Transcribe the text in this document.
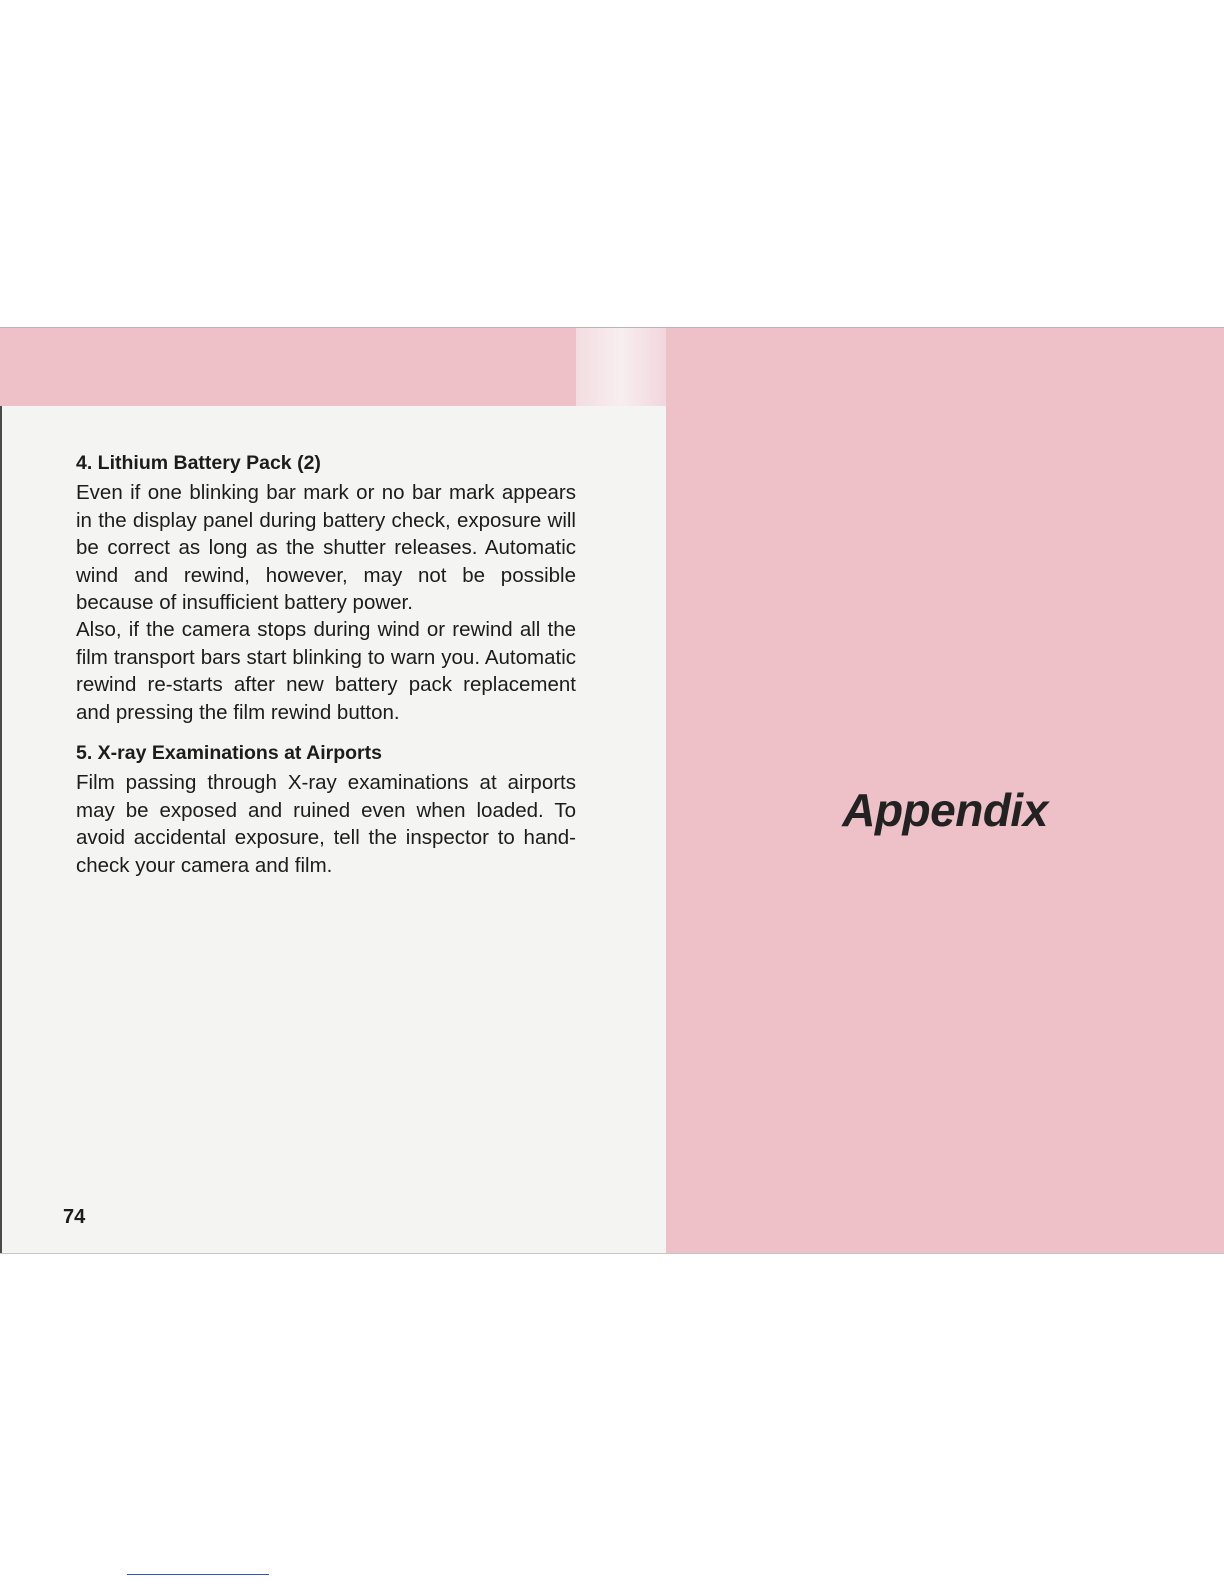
4. Lithium Battery Pack (2)

Even if one blinking bar mark or no bar mark appears in the display panel during battery check, exposure will be correct as long as the shutter releases. Automatic wind and rewind, however, may not be possible because of insufficient battery power.

Also, if the camera stops during wind or rewind all the film transport bars start blinking to warn you. Automatic rewind re-starts after new battery pack replacement and pressing the film rewind button.

5. X-ray Examinations at Airports

Film passing through X-ray examinations at airports may be exposed and ruined even when loaded. To avoid accidental exposure, tell the inspector to hand-check your camera and film.

Appendix
74
